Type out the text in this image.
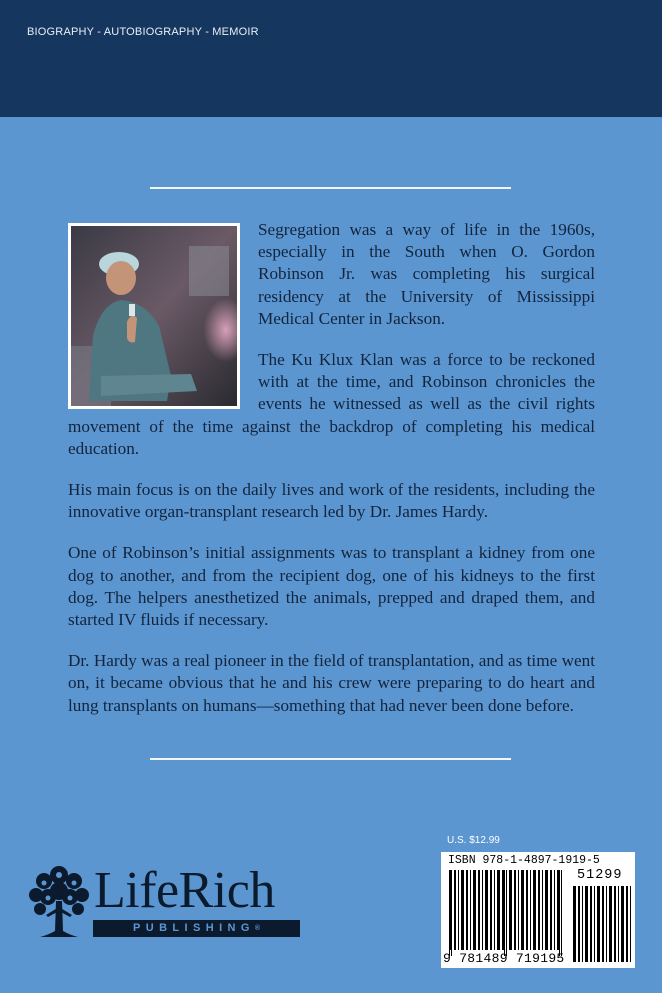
BIOGRAPHY - AUTOBIOGRAPHY - MEMOIR

Segregation was a way of life in the 1960s, especially in the South when O. Gordon Robinson Jr. was completing his surgical residency at the University of Mississippi Medical Center in Jackson.

The Ku Klux Klan was a force to be reckoned with at the time, and Robinson chronicles the events he witnessed as well as the civil rights movement of the time against the backdrop of completing his medical education.

His main focus is on the daily lives and work of the residents, including the innovative organ-transplant research led by Dr. James Hardy.

One of Robinson’s initial assignments was to transplant a kidney from one dog to another, and from the recipient dog, one of his kidneys to the first dog. The helpers anesthetized the animals, prepped and draped them, and started IV fluids if necessary.

Dr. Hardy was a real pioneer in the field of transplantation, and as time went on, it became obvious that he and his crew were preparing to do heart and lung transplants on humans—something that had never been done before.

LifeRich
PUBLISHING®
U.S. $12.99
ISBN 978-1-4897-1919-5
51299
9 781489 719195
